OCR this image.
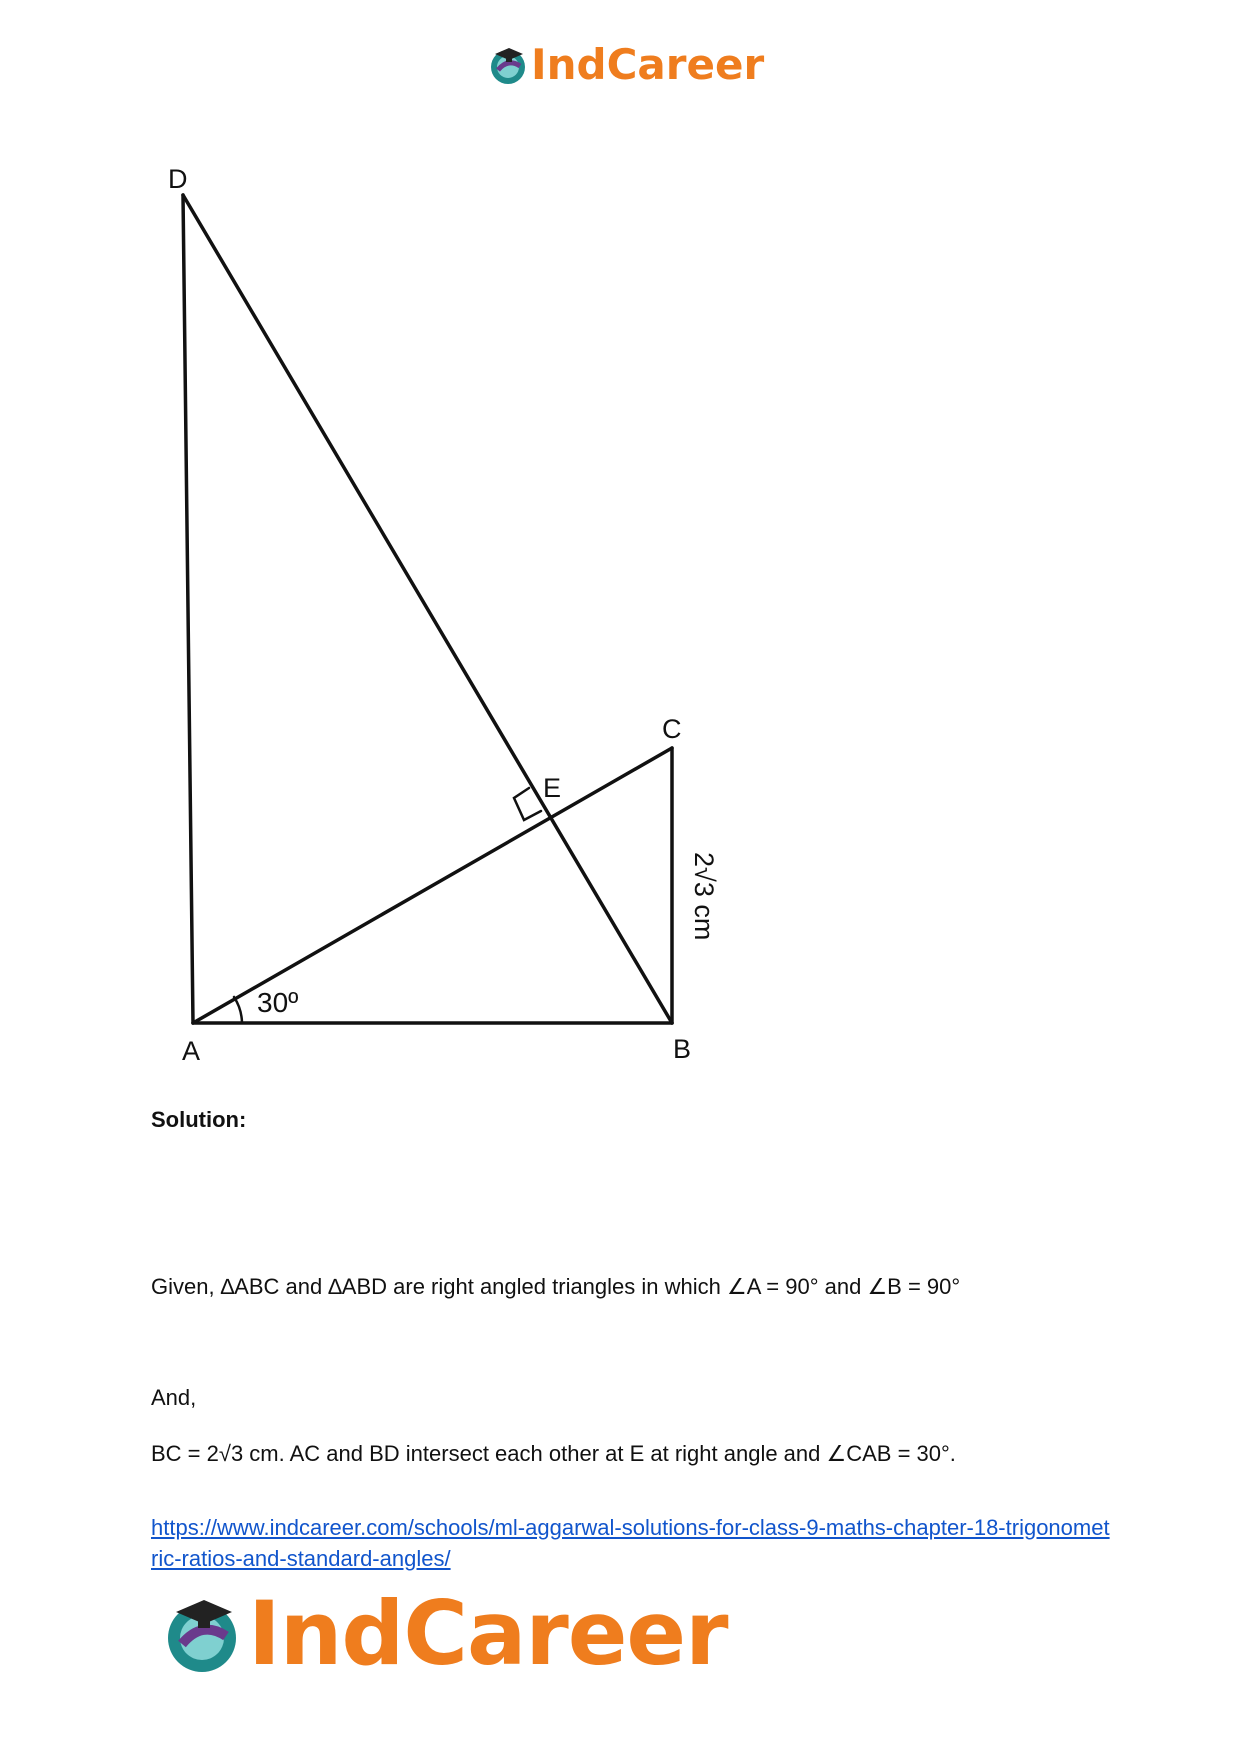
IndCareer
D
A	B
C
E
30º
2√3 cm
Solution:
Given, ∆ABC and ∆ABD are right angled triangles in which ∠A = 90° and ∠B = 90°
And,
BC = 2√3 cm. AC and BD intersect each other at E at right angle and ∠CAB = 30°.
https://www.indcareer.com/schools/ml-aggarwal-solutions-for-class-9-maths-chapter-18-trigonometric-ratios-and-standard-angles/
IndCareer
